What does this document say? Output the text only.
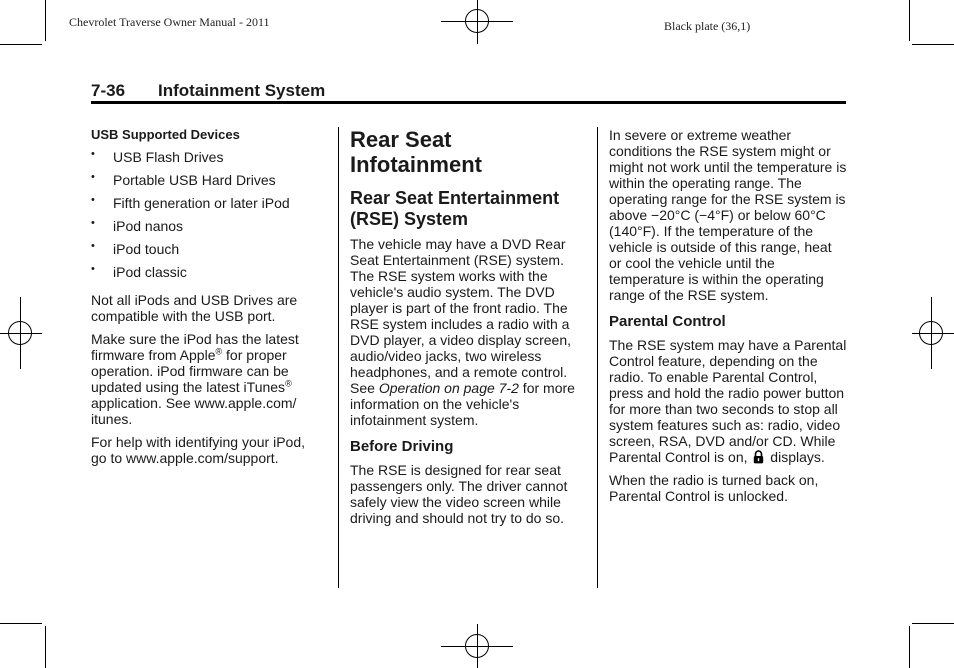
Chevrolet Traverse Owner Manual - 2011	Black plate (36,1)
7-36 Infotainment System
USB Supported Devices
• USB Flash Drives
• Portable USB Hard Drives
• Fifth generation or later iPod
• iPod nanos
• iPod touch
• iPod classic

Not all iPods and USB Drives are compatible with the USB port.

Make sure the iPod has the latest firmware from Apple® for proper operation. iPod firmware can be updated using the latest iTunes® application. See www.apple.com/ itunes.

For help with identifying your iPod, go to www.apple.com/support.

Rear Seat Infotainment
Rear Seat Entertainment (RSE) System

The vehicle may have a DVD Rear Seat Entertainment (RSE) system. The RSE system works with the vehicle's audio system. The DVD player is part of the front radio. The RSE system includes a radio with a DVD player, a video display screen, audio/video jacks, two wireless headphones, and a remote control. See Operation on page 7-2 for more information on the vehicle's infotainment system.

Before Driving

The RSE is designed for rear seat passengers only. The driver cannot safely view the video screen while driving and should not try to do so.

In severe or extreme weather conditions the RSE system might or might not work until the temperature is within the operating range. The operating range for the RSE system is above −20°C (−4°F) or below 60°C (140°F). If the temperature of the vehicle is outside of this range, heat or cool the vehicle until the temperature is within the operating range of the RSE system.

Parental Control

The RSE system may have a Parental Control feature, depending on the radio. To enable Parental Control, press and hold the radio power button for more than two seconds to stop all system features such as: radio, video screen, RSA, DVD and/or CD. While Parental Control is on,  displays.

When the radio is turned back on, Parental Control is unlocked.
